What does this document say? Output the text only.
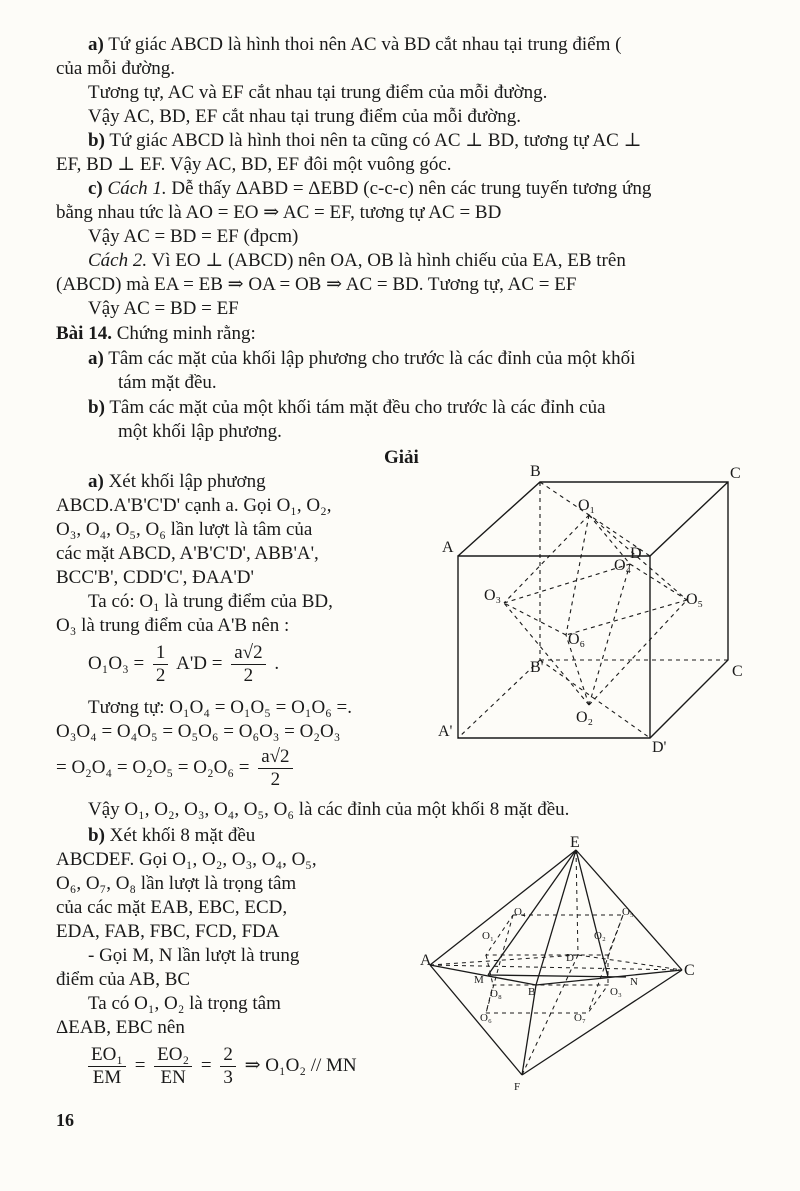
a) Tứ giác ABCD là hình thoi nên AC và BD cắt nhau tại trung điểm (

của mỗi đường.

Tương tự, AC và EF cắt nhau tại trung điểm của mỗi đường.

Vậy AC, BD, EF cắt nhau tại trung điểm của mỗi đường.

b) Tứ giác ABCD là hình thoi nên ta cũng có AC ⊥ BD, tương tự AC ⊥

EF, BD ⊥ EF. Vậy AC, BD, EF đôi một vuông góc.

c) Cách 1. Dễ thấy ΔABD = ΔEBD (c-c-c) nên các trung tuyến tương ứng

bằng nhau tức là AO = EO ⇒ AC = EF, tương tự AC = BD

Vậy AC = BD = EF (đpcm)

Cách 2. Vì EO ⊥ (ABCD) nên OA, OB là hình chiếu của EA, EB trên

(ABCD) mà EA = EB ⇒ OA = OB ⇒ AC = BD. Tương tự, AC = EF

Vậy AC = BD = EF

Bài 14. Chứng minh rằng:

a) Tâm các mặt của khối lập phương cho trước là các đỉnh của một khối

tám mặt đều.

b) Tâm các mặt của một khối tám mặt đều cho trước là các đỉnh của

một khối lập phương.

Giải

a) Xét khối lập phương

ABCD.A'B'C'D' cạnh a. Gọi O₁, O₂,

O₃, O₄, O₅, O₆ lần lượt là tâm của

các mặt ABCD, A'B'C'D', ABB'A',

BCC'B', CDD'C', ĐAA'D'

Ta có: O₁ là trung điểm của BD,

O₃ là trung điểm của A'B nên :

$O_1O_3 = \frac{1}{2} A'D = \frac{a√2}{2}$ .

Tương tự: O₁O₄ = O₁O₅ = O₁O₆ =.

O₃O₄ = O₄O₅ = O₅O₆ = O₆O₃ = O₂O₃

= $O_2O_4 = O_2O_5 = O_2O_6 = \frac{a√2}{2}$

Vậy O₁, O₂, O₃, O₄, O₅, O₆ là các đỉnh của một khối 8 mặt đều.

b) Xét khối 8 mặt đều

ABCDEF. Gọi O₁, O₂, O₃, O₄, O₅,

O₆, O₇, O₈ lần lượt là trọng tâm

của các mặt EAB, EBC, ECD,

EDA, FAB, FBC, FCD, FDA

- Gọi M, N lần lượt là trung

điểm của AB, BC

Ta có O₁, O₂ là trọng tâm

ΔEAB, EBC nên

$\frac{\text{EO₁}}{EM} = \frac{\text{EO₂}}{EN} = \frac{2}{3}$ ⇒ O₁O₂ // MN

16

B	C
A	D
B'	C
A'
D'
O₁
O₂
O₃
O₄
O₅
O₆
E
A
C
D
B
F
M	N
O₁	O₂
O₄	O₅
O₆
O₈
O₇
O₃
